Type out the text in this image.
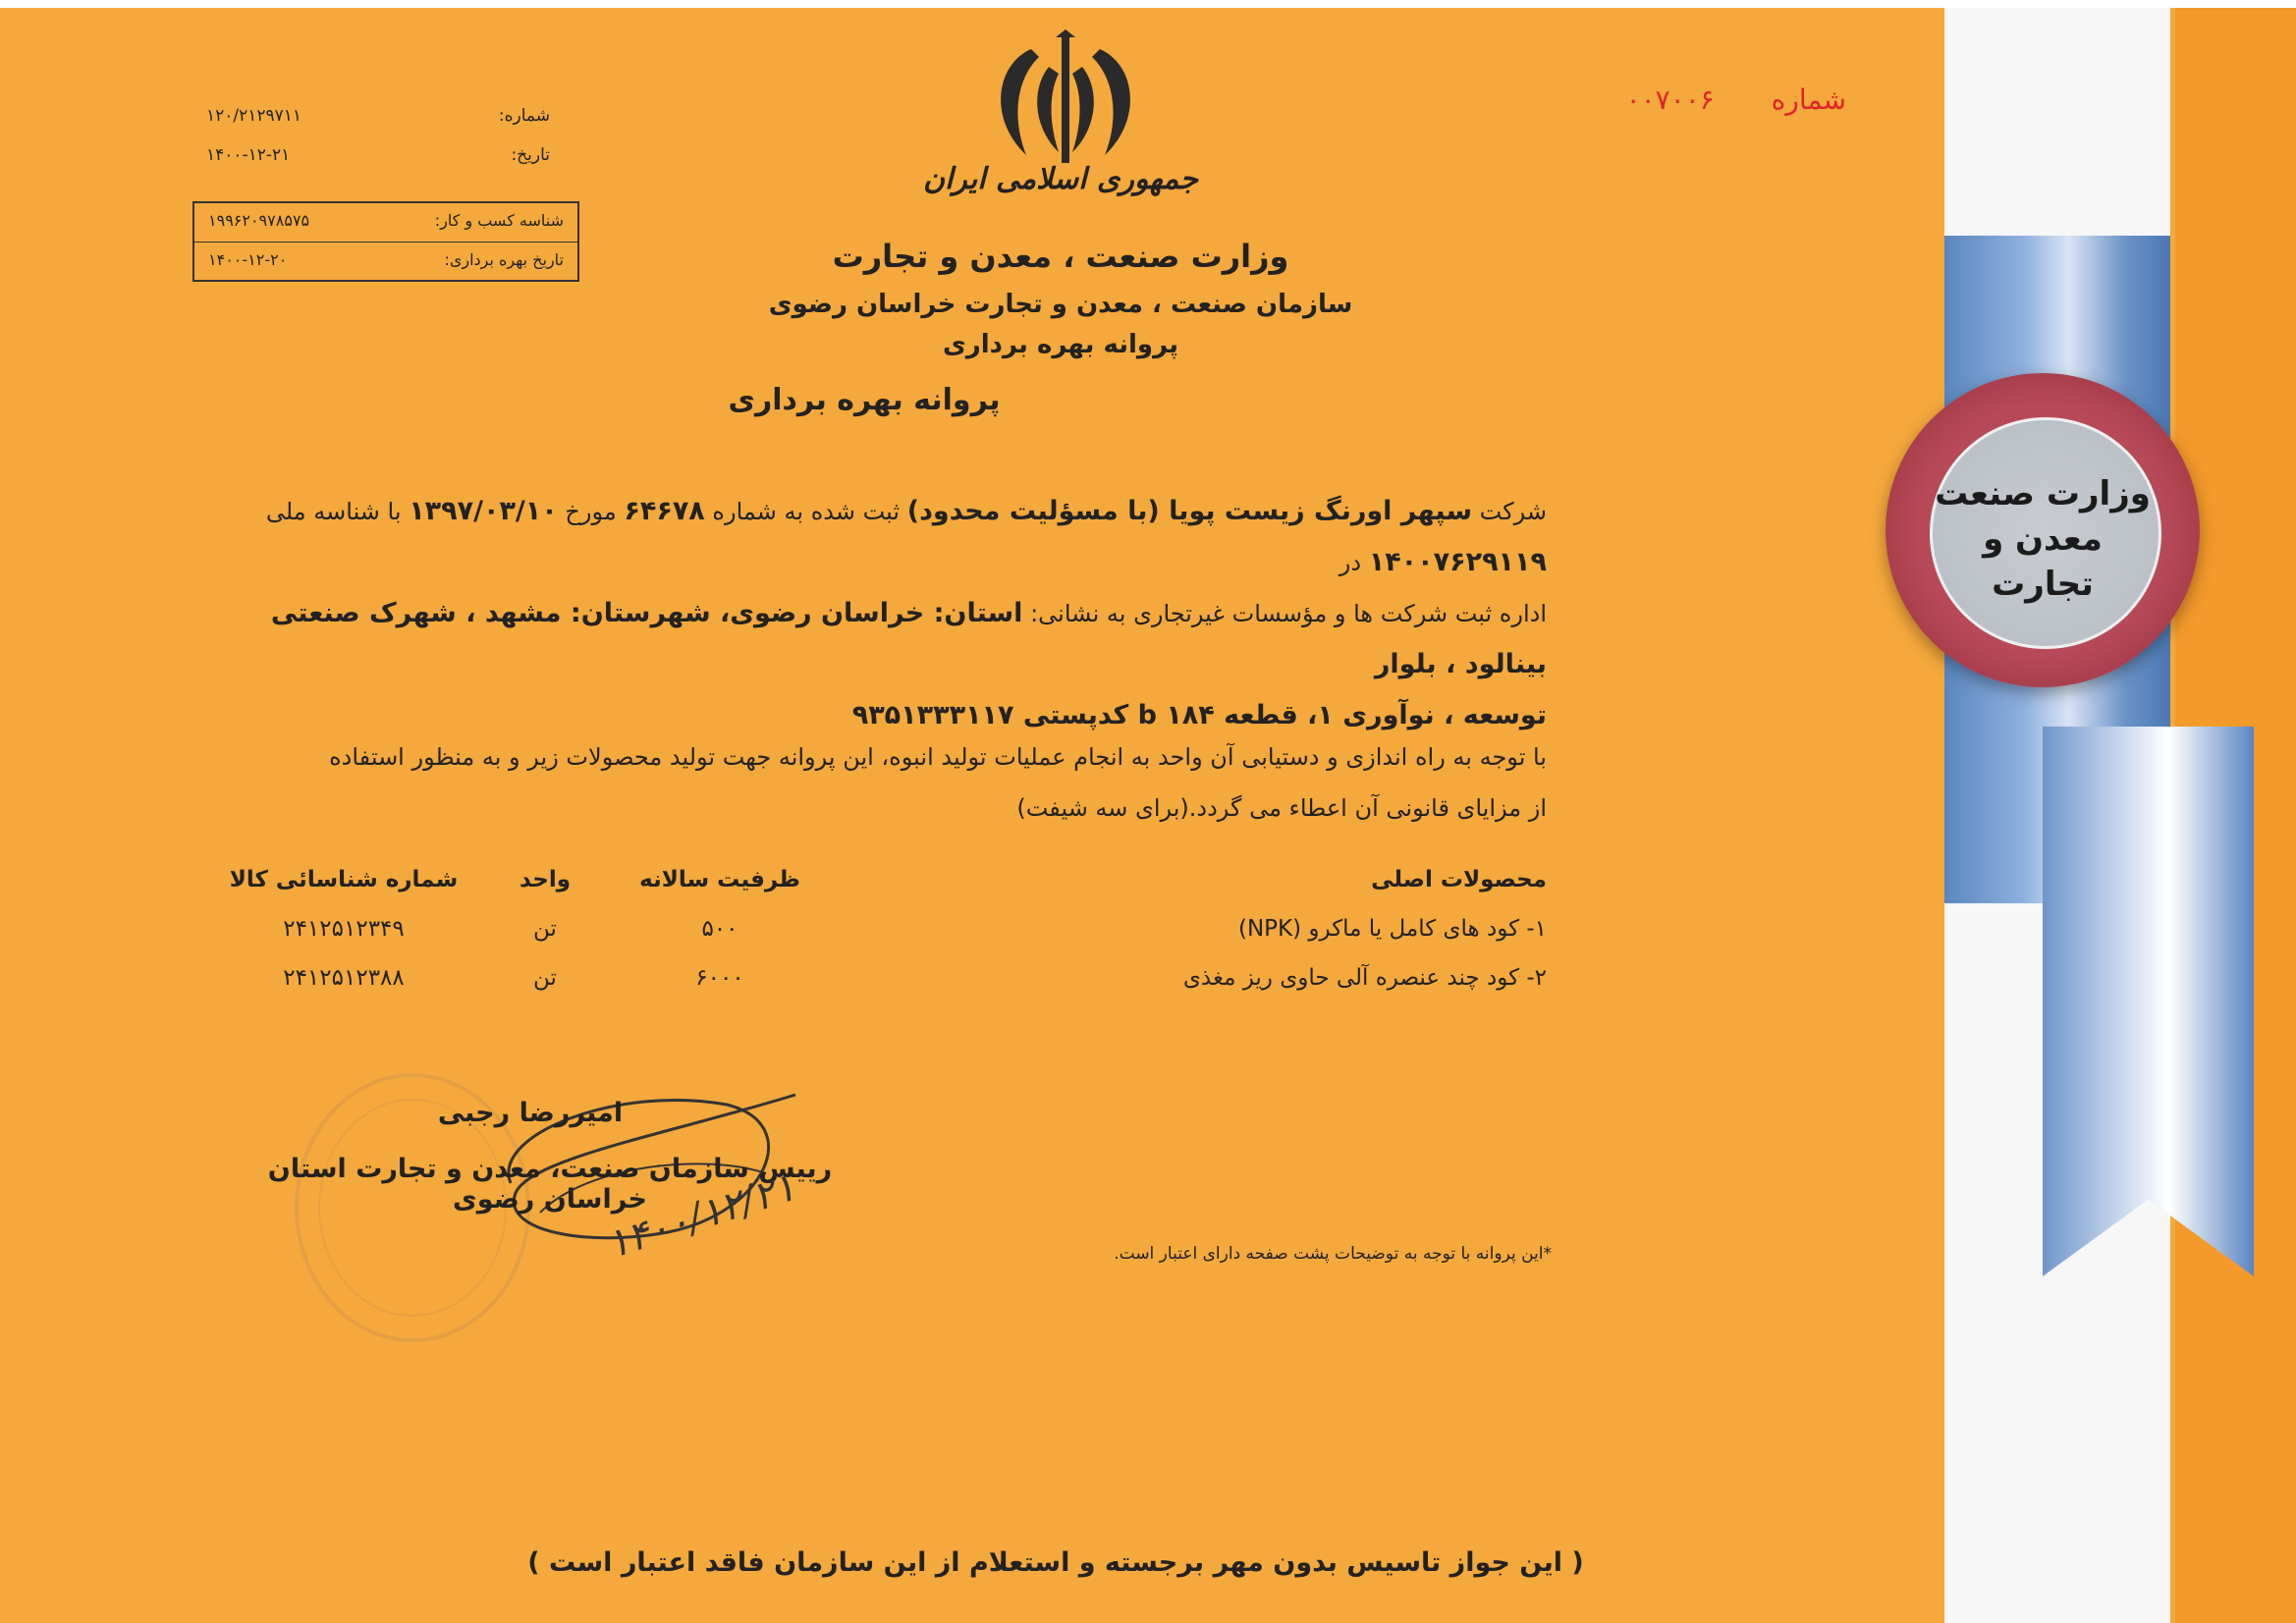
وزارت صنعت
معدن و تجارت
شماره  ۰۰۷۰۰۶
شماره:
۱۲۰/۲۱۲۹۷۱۱
تاریخ:
۱۴۰۰-۱۲-۲۱
شناسه کسب و کار:
۱۹۹۶۲۰۹۷۸۵۷۵
تاریخ بهره برداری:
۱۴۰۰-۱۲-۲۰
جمهوری اسلامی ایران
وزارت صنعت ، معدن و تجارت
سازمان صنعت ، معدن و تجارت خراسان رضوی
پروانه بهره برداری
پروانه بهره برداری
شرکت سپهر اورنگ زیست پویا (با مسؤلیت محدود) ثبت شده به شماره ۶۴۶۷۸ مورخ ۱۳۹۷/۰۳/۱۰ با شناسه ملی ۱۴۰۰۷۶۲۹۱۱۹ در
اداره ثبت شرکت ها و مؤسسات غیرتجاری به نشانی: استان: خراسان رضوی، شهرستان: مشهد ، شهرک صنعتی بینالود ، بلوار
توسعه ، نوآوری ۱، قطعه ۱۸۴ b کدپستی ۹۳۵۱۳۳۳۱۱۷
با توجه به راه اندازی و دستیابی آن واحد به انجام عملیات تولید انبوه، این پروانه جهت تولید محصولات زیر و به منظور استفاده
از مزایای قانونی آن اعطاء می گردد.(برای سه شیفت)
محصولات اصلی
ظرفیت سالانه
واحد
شماره شناسائی کالا
۱- کود های کامل یا ماکرو (NPK)
۵۰۰
تن
۲۴۱۲۵۱۲۳۴۹
۲- کود چند عنصره آلی حاوی ریز مغذی
۶۰۰۰
تن
۲۴۱۲۵۱۲۳۸۸
امیررضا رجبی
رییس سازمان صنعت، معدن و تجارت استان خراسان رضوی
۱۴۰۰/۱۲/۲۱	*این پروانه با توجه به توضیحات پشت صفحه دارای اعتبار است.
( این جواز تاسیس بدون مهر برجسته و استعلام از این سازمان فاقد اعتبار است )
